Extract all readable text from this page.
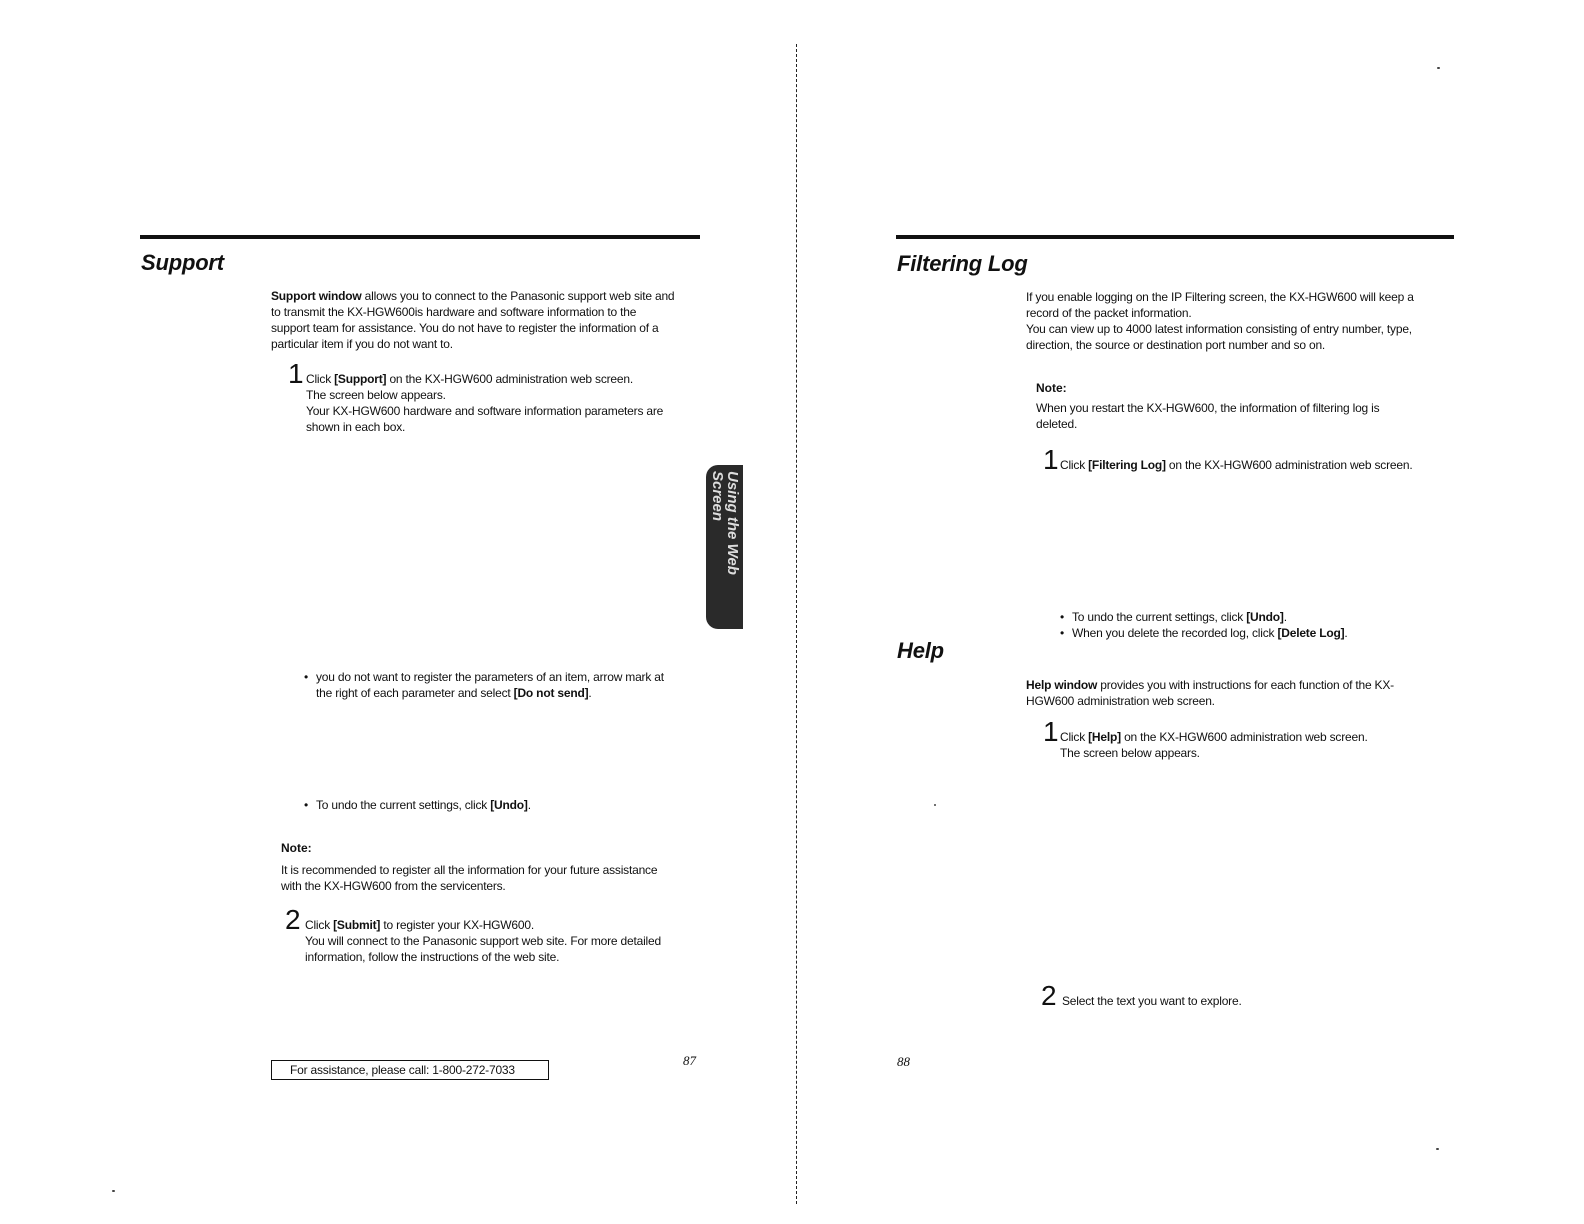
Support
Support window allows you to connect to the Panasonic support web site and
to transmit the KX-HGW600is hardware and software information to the
support team for assistance. You do not have to register the information of a
particular item if you do not want to.
1 Click [Support] on the KX-HGW600 administration web screen.
The screen below appears.
Your KX-HGW600 hardware and software information parameters are
shown in each box.
Using the Web Screen
• you do not want to register the parameters of an item, arrow mark at
the right of each parameter and select [Do not send].
• To undo the current settings, click [Undo].
Note:
It is recommended to register all the information for your future assistance
with the KX-HGW600 from the servicenters.
2 Click [Submit] to register your KX-HGW600.
You will connect to the Panasonic support web site. For more detailed
information, follow the instructions of the web site.
For assistance, please call: 1-800-272-7033
87
Filtering Log
If you enable logging on the IP Filtering screen, the KX-HGW600 will keep a
record of the packet information.
You can view up to 4000 latest information consisting of entry number, type,
direction, the source or destination port number and so on.
Note:
When you restart the KX-HGW600, the information of filtering log is
deleted.
1 Click [Filtering Log] on the KX-HGW600 administration web screen.
• To undo the current settings, click [Undo].
• When you delete the recorded log, click [Delete Log].
Help
Help window provides you with instructions for each function of the KX-
HGW600 administration web screen.
1 Click [Help] on the KX-HGW600 administration web screen.
The screen below appears.
2 Select the text you want to explore.
88
